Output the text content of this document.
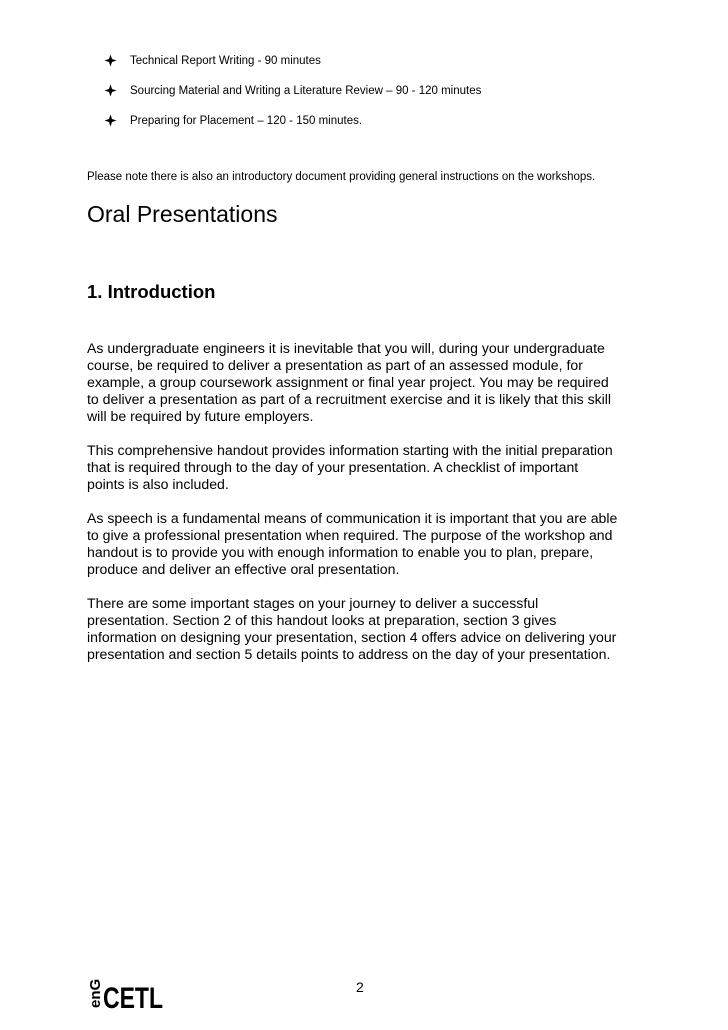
Technical Report Writing - 90 minutes
Sourcing Material and Writing a Literature Review – 90 - 120 minutes
Preparing for Placement – 120 - 150 minutes.

Please note there is also an introductory document providing general instructions on the workshops.

Oral Presentations
1. Introduction

As undergraduate engineers it is inevitable that you will, during your undergraduate
course, be required to deliver a presentation as part of an assessed module, for
example, a group coursework assignment or final year project. You may be required
to deliver a presentation as part of a recruitment exercise and it is likely that this skill
will be required by future employers.

This comprehensive handout provides information starting with the initial preparation
that is required through to the day of your presentation. A checklist of important
points is also included.

As speech is a fundamental means of communication it is important that you are able
to give a professional presentation when required. The purpose of the workshop and
handout is to provide you with enough information to enable you to plan, prepare,
produce and deliver an effective oral presentation.

There are some important stages on your journey to deliver a successful
presentation. Section 2 of this handout looks at preparation, section 3 gives
information on designing your presentation, section 4 offers advice on delivering your
presentation and section 5 details points to address on the day of your presentation.

enG CETL	2
